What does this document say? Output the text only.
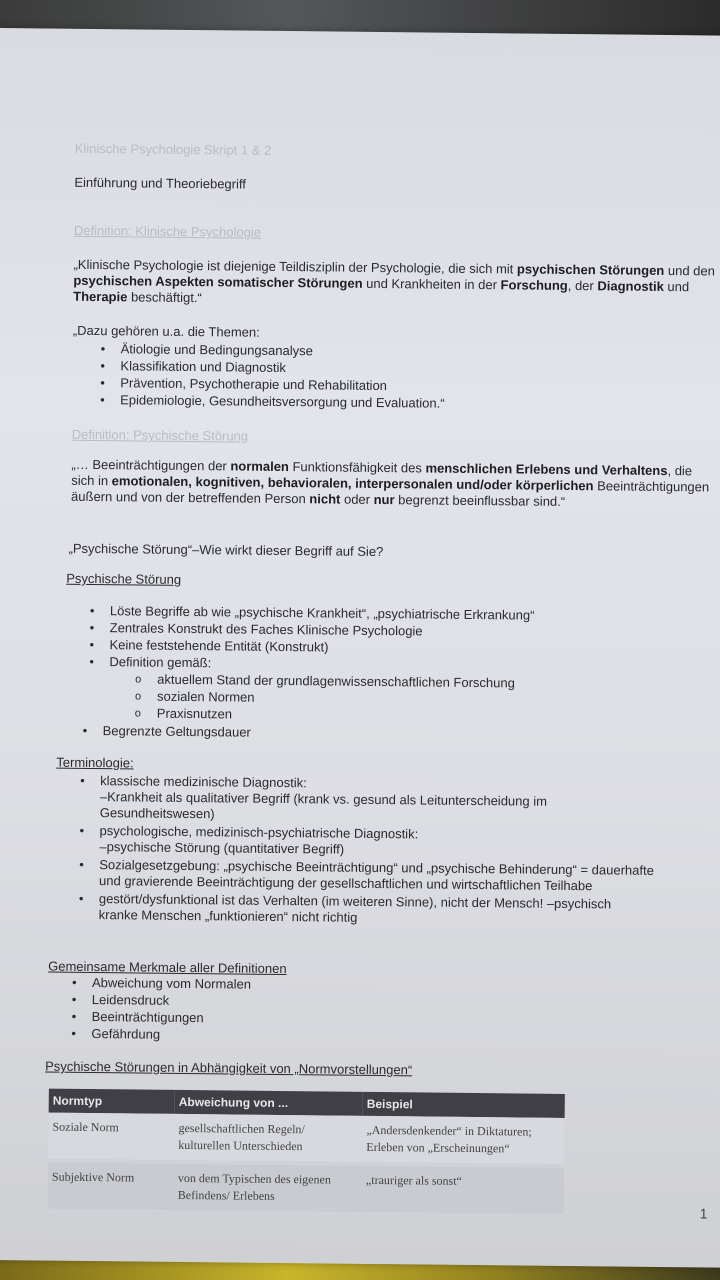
Klinische Psychologie Skript 1 & 2
Einführung und Theoriebegriff
Definition: Klinische Psychologie
„Klinische Psychologie ist diejenige Teildisziplin der Psychologie, die sich mit psychischen Störungen und den psychischen Aspekten somatischer Störungen und Krankheiten in der Forschung, der Diagnostik und Therapie beschäftigt.“
„Dazu gehören u.a. die Themen:
• Ätiologie und Bedingungsanalyse
• Klassifikation und Diagnostik
• Prävention, Psychotherapie und Rehabilitation
• Epidemiologie, Gesundheitsversorgung und Evaluation.“
Definition: Psychische Störung
„… Beeinträchtigungen der normalen Funktionsfähigkeit des menschlichen Erlebens und Verhaltens, die sich in emotionalen, kognitiven, behavioralen, interpersonalen und/oder körperlichen Beeinträchtigungen äußern und von der betreffenden Person nicht oder nur begrenzt beeinflussbar sind.“
„Psychische Störung“–Wie wirkt dieser Begriff auf Sie?
Psychische Störung
• Löste Begriffe ab wie „psychische Krankheit“, „psychiatrische Erkrankung“
• Zentrales Konstrukt des Faches Klinische Psychologie
• Keine feststehende Entität (Konstrukt)
• Definition gemäß:
o aktuellem Stand der grundlagenwissenschaftlichen Forschung
o sozialen Normen
o Praxisnutzen
• Begrenzte Geltungsdauer
Terminologie:
• klassische medizinische Diagnostik:
–Krankheit als qualitativer Begriff (krank vs. gesund als Leitunterscheidung im
Gesundheitswesen)
• psychologische, medizinisch-psychiatrische Diagnostik:
–psychische Störung (quantitativer Begriff)
• Sozialgesetzgebung: „psychische Beeinträchtigung“ und „psychische Behinderung“ = dauerhafte
und gravierende Beeinträchtigung der gesellschaftlichen und wirtschaftlichen Teilhabe
• gestört/dysfunktional ist das Verhalten (im weiteren Sinne), nicht der Mensch! –psychisch
kranke Menschen „funktionieren“ nicht richtig
Gemeinsame Merkmale aller Definitionen
• Abweichung vom Normalen
• Leidensdruck
• Beeinträchtigungen
• Gefährdung
Psychische Störungen in Abhängigkeit von „Normvorstellungen“
Normtyp	Abweichung von ...	Beispiel
Soziale Norm	gesellschaftlichen Regeln/ kulturellen Unterschieden	„Andersdenkender“ in Diktaturen; Erleben von „Erscheinungen“
Subjektive Norm	von dem Typischen des eigenen Befindens/ Erlebens	„trauriger als sonst“
1
